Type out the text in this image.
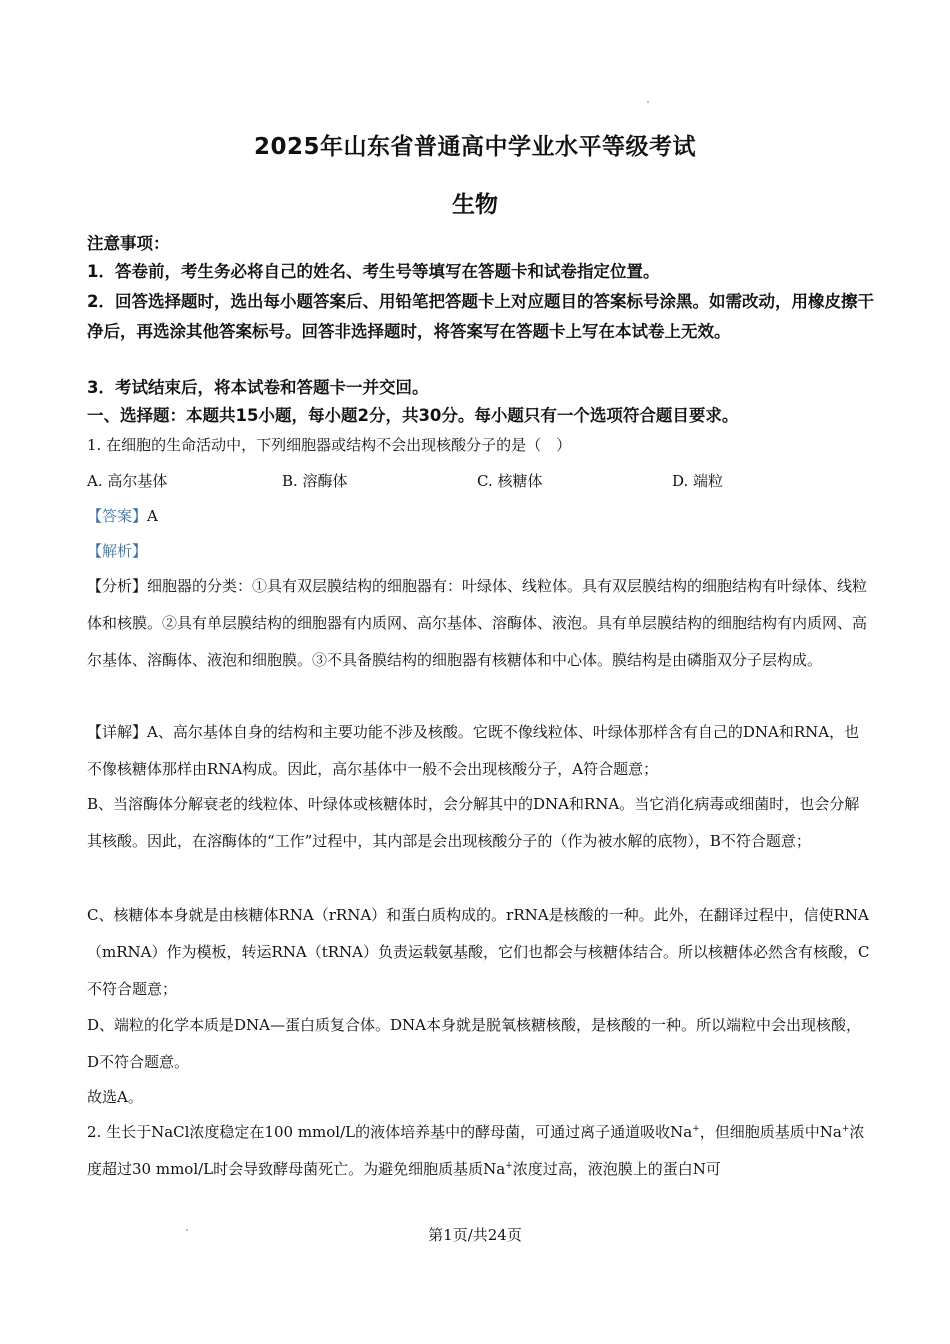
2025年山东省普通高中学业水平等级考试
生物
注意事项：
1．答卷前，考生务必将自己的姓名、考生号等填写在答题卡和试卷指定位置。
2．回答选择题时，选出每小题答案后、用铅笔把答题卡上对应题目的答案标号涂黑。如需改动，用橡皮擦干净后，再选涂其他答案标号。回答非选择题时，将答案写在答题卡上写在本试卷上无效。
3．考试结束后，将本试卷和答题卡一并交回。
一、选择题：本题共15小题，每小题2分，共30分。每小题只有一个选项符合题目要求。
1. 在细胞的生命活动中，下列细胞器或结构不会出现核酸分子的是（　）
A. 高尔基体	B. 溶酶体	C. 核糖体	D. 端粒
【答案】A
【解析】
【分析】细胞器的分类：①具有双层膜结构的细胞器有：叶绿体、线粒体。具有双层膜结构的细胞结构有叶绿体、线粒体和核膜。②具有单层膜结构的细胞器有内质网、高尔基体、溶酶体、液泡。具有单层膜结构的细胞结构有内质网、高尔基体、溶酶体、液泡和细胞膜。③不具备膜结构的细胞器有核糖体和中心体。膜结构是由磷脂双分子层构成。
【详解】A、高尔基体自身的结构和主要功能不涉及核酸。它既不像线粒体、叶绿体那样含有自己的DNA和RNA，也不像核糖体那样由RNA构成。因此，高尔基体中一般不会出现核酸分子，A符合题意；
B、当溶酶体分解衰老的线粒体、叶绿体或核糖体时，会分解其中的DNA和RNA。当它消化病毒或细菌时，也会分解其核酸。因此，在溶酶体的“工作”过程中，其内部是会出现核酸分子的（作为被水解的底物），B不符合题意；
C、核糖体本身就是由核糖体RNA（rRNA）和蛋白质构成的。rRNA是核酸的一种。此外，在翻译过程中，信使RNA（mRNA）作为模板，转运RNA（tRNA）负责运载氨基酸，它们也都会与核糖体结合。所以核糖体必然含有核酸，C不符合题意；
D、端粒的化学本质是DNA—蛋白质复合体。DNA本身就是脱氧核糖核酸，是核酸的一种。所以端粒中会出现核酸，D不符合题意。
故选A。
2. 生长于NaCl浓度稳定在100 mmol/L的液体培养基中的酵母菌，可通过离子通道吸收Na+，但细胞质基质中Na+浓度超过30 mmol/L时会导致酵母菌死亡。为避免细胞质基质Na+浓度过高，液泡膜上的蛋白N可
第1页/共24页
